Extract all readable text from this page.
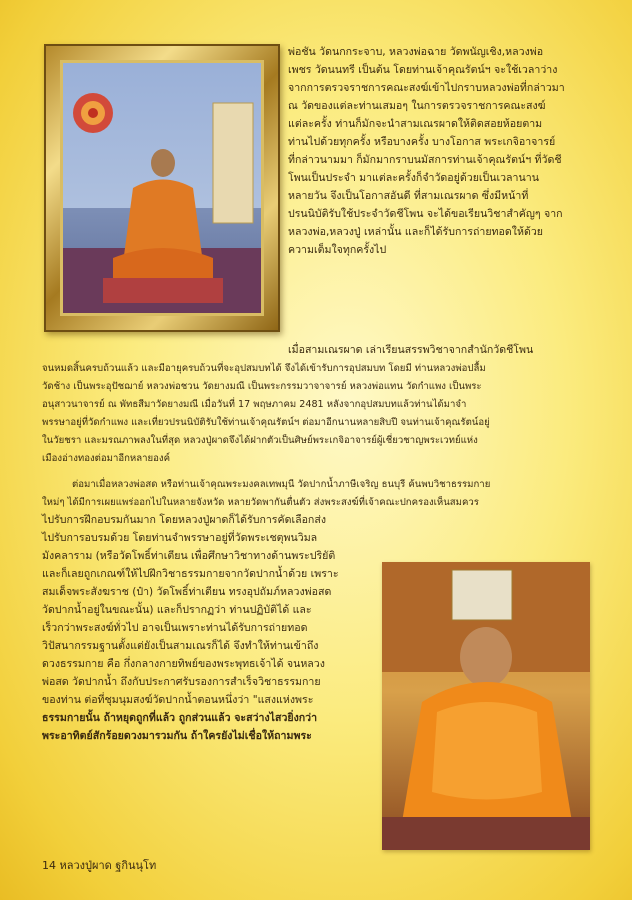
พ่อชัน วัดนกกระจาบ, หลวงพ่อฉาย วัดพนัญเชิง,หลวงพ่อ

เพชร วัดนนทรี เป็นต้น โดยท่านเจ้าคุณรัตน์ฯ จะใช้เวลาว่าง

จากการตรวจราชการคณะสงฆ์เข้าไปกราบหลวงพ่อที่กล่าวมา

ณ วัดของแต่ละท่านเสมอๆ ในการตรวจราชการคณะสงฆ์

แต่ละครั้ง ท่านก็มักจะนำสามเณรผาดให้ติดสอยห้อยตาม

ท่านไปด้วยทุกครั้ง หรือบางครั้ง บางโอกาส พระเกจิอาจารย์

ที่กล่าวนามมา ก็มักมากราบนมัสการท่านเจ้าคุณรัตน์ฯ ที่วัดชี

โพนเป็นประจำ มาแต่ละครั้งก็จำวัดอยู่ด้วยเป็นเวลานาน

หลายวัน จึงเป็นโอกาสอันดี ที่สามเณรผาด ซึ่งมีหน้าที่

ปรนนิบัติรับใช้ประจำวัดชีโพน จะได้ขอเรียนวิชาสำคัญๆ จาก

หลวงพ่อ,หลวงปู่ เหล่านั้น และก็ได้รับการถ่ายทอดให้ด้วย

ความเต็มใจทุกครั้งไป

เมื่อสามเณรผาด เล่าเรียนสรรพวิชาจากสำนักวัดชีโพน

จนหมดสิ้นครบถ้วนแล้ว และมีอายุครบถ้วนที่จะอุปสมบทได้ จึงได้เข้ารับการอุปสมบท โดยมี ท่านหลวงพ่อปลื้ม

วัดช้าง เป็นพระอุปัชฌาย์ หลวงพ่อชวน วัดยางมณี เป็นพระกรรมวาจาจารย์ หลวงพ่อแทน วัดกำแพง เป็นพระ

อนุสาวนาจารย์ ณ พัทธสีมาวัดยางมณี เมื่อวันที่ 17 พฤษภาคม 2481 หลังจากอุปสมบทแล้วท่านได้มาจำ

พรรษาอยู่ที่วัดกำแพง และเที่ยวปรนนิบัติรับใช้ท่านเจ้าคุณรัตน์ฯ ต่อมาอีกนานหลายสิบปี จนท่านเจ้าคุณรัตน์อยู่

ในวัยชรา และมรณภาพลงในที่สุด หลวงปู่ผาดจึงได้ฝากตัวเป็นศิษย์พระเกจิอาจารย์ผู้เชี่ยวชาญพระเวทย์แห่ง

เมืองอ่างทองต่อมาอีกหลายองค์

ต่อมาเมื่อหลวงพ่อสด หรือท่านเจ้าคุณพระมงคลเทพมุนี วัดปากน้ำภาษีเจริญ ธนบุรี ค้นพบวิชาธรรมกาย

ใหม่ๆ ได้มีการเผยแพร่ออกไปในหลายจังหวัด หลายวัดพากันตื่นตัว ส่งพระสงฆ์ที่เจ้าคณะปกครองเห็นสมควร

ไปรับการฝึกอบรมกันมาก โดยหลวงปู่ผาดก็ได้รับการคัดเลือกส่ง

ไปรับการอบรมด้วย โดยท่านจำพรรษาอยู่ที่วัดพระเชตุพนวิมล

มังคลาราม (หรือวัดโพธิ์ท่าเตียน เพื่อศึกษาวิชาทางด้านพระปริยัติ

และก็เลยถูกเกณฑ์ให้ไปฝึกวิชาธรรมกายจากวัดปากน้ำด้วย เพราะ

สมเด็จพระสังฆราช (ป๋า) วัดโพธิ์ท่าเตียน ทรงอุปถัมภ์หลวงพ่อสด

วัดปากน้ำอยู่ในขณะนั้น) และก็ปรากฏว่า ท่านปฏิบัติได้ และ

เร็วกว่าพระสงฆ์ทั่วไป อาจเป็นเพราะท่านได้รับการถ่ายทอด

วิปัสนากรรมฐานตั้งแต่ยังเป็นสามเณรก็ได้ จึงทำให้ท่านเข้าถึง

ดวงธรรมกาย คือ กึ่งกลางกายทิพย์ของพระพุทธเจ้าได้ จนหลวง

พ่อสด วัดปากน้ำ ถึงกับประกาศรับรองการสำเร็จวิชาธรรมกาย

ของท่าน ต่อที่ชุมนุมสงฆ์วัดปากน้ำตอนหนึ่งว่า "แสงแห่งพระ

ธรรมกายนั้น ถ้าหยุดถูกที่แล้ว ถูกส่วนแล้ว จะสว่างไสวยิ่งกว่า

พระอาทิตย์สักร้อยดวงมารวมกัน ถ้าใครยังไม่เชื่อให้ถามพระ

14 หลวงปู่ผาด ฐกินนุโท
